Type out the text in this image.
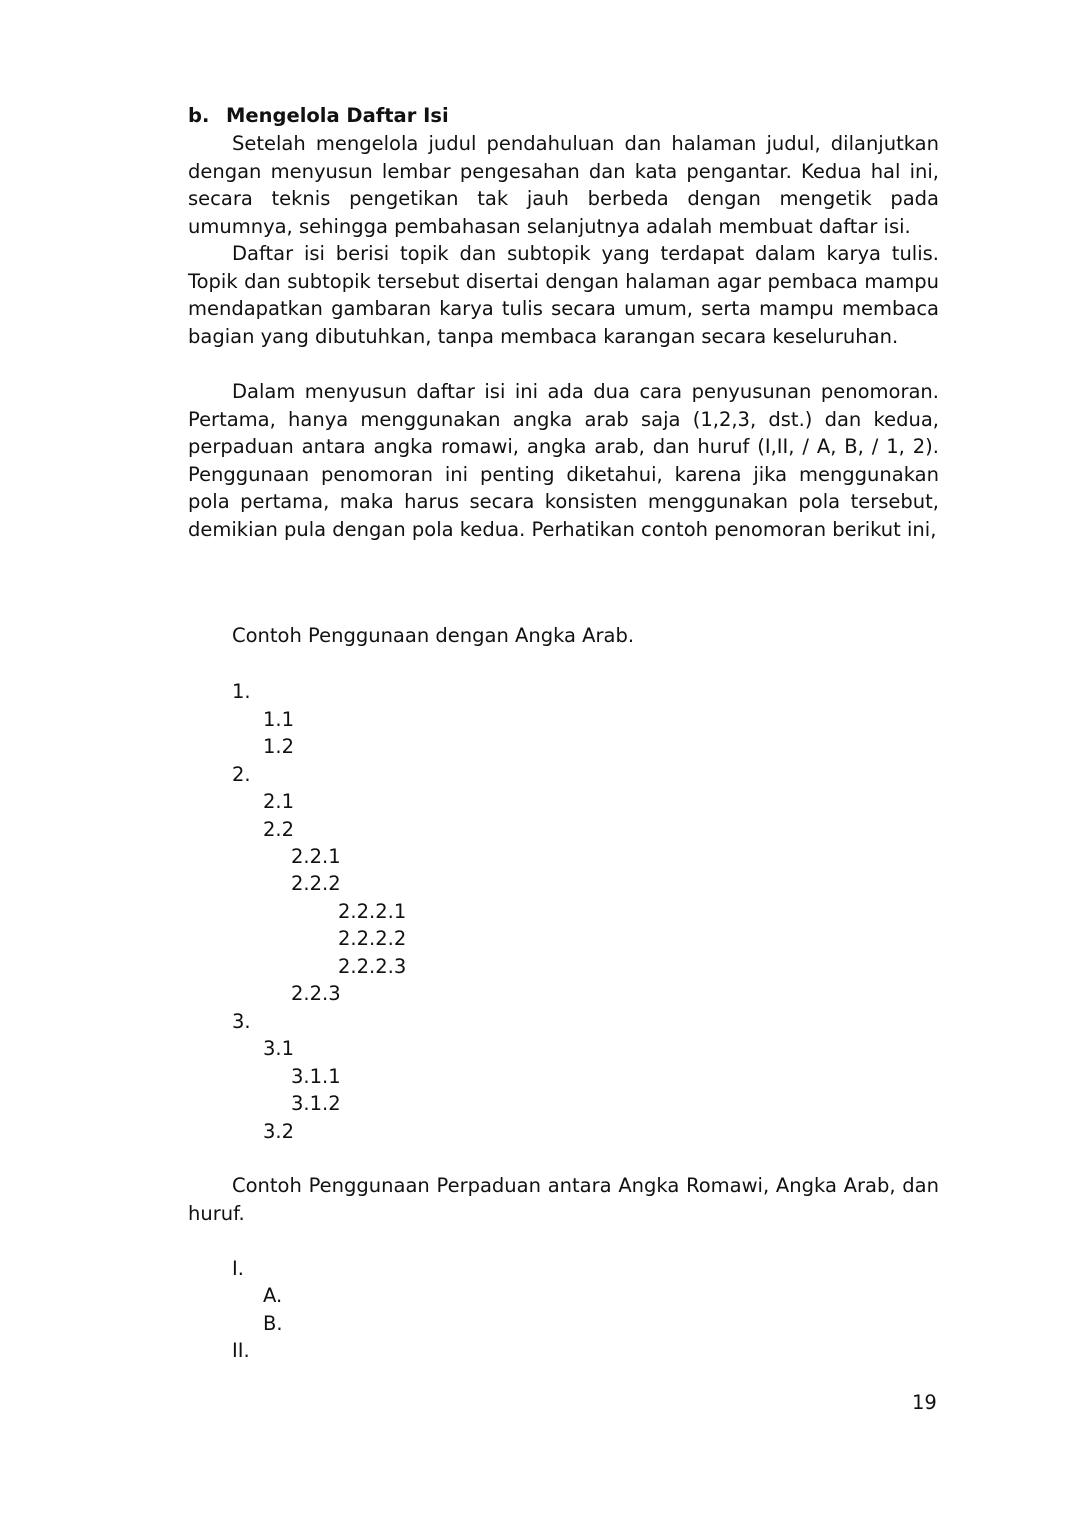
b. Mengelola Daftar Isi

Setelah mengelola judul pendahuluan dan halaman judul, dilanjutkan dengan menyusun lembar pengesahan dan kata pengantar. Kedua hal ini, secara teknis pengetikan tak jauh berbeda dengan mengetik pada umumnya, sehingga pembahasan selanjutnya adalah membuat daftar isi.

Daftar isi berisi topik dan subtopik yang terdapat dalam karya tulis. Topik dan subtopik tersebut disertai dengan halaman agar pembaca mampu mendapatkan gambaran karya tulis secara umum, serta mampu membaca bagian yang dibutuhkan, tanpa membaca karangan secara keseluruhan.

Dalam menyusun daftar isi ini ada dua cara penyusunan penomoran. Pertama, hanya menggunakan angka arab saja (1,2,3, dst.) dan kedua, perpaduan antara angka romawi, angka arab, dan huruf (I,II, / A, B, / 1, 2). Penggunaan penomoran ini penting diketahui, karena jika menggunakan pola pertama, maka harus secara konsisten menggunakan pola tersebut, demikian pula dengan pola kedua. Perhatikan contoh penomoran berikut ini,

Contoh Penggunaan dengan Angka Arab.
1.
1.1
1.2
2.
2.1
2.2
2.2.1
2.2.2
2.2.2.1
2.2.2.2
2.2.2.3
2.2.3
3.
3.1
3.1.1
3.1.2
3.2

Contoh Penggunaan Perpaduan antara Angka Romawi, Angka Arab, dan huruf.

I.
A.
B.
II.
19
